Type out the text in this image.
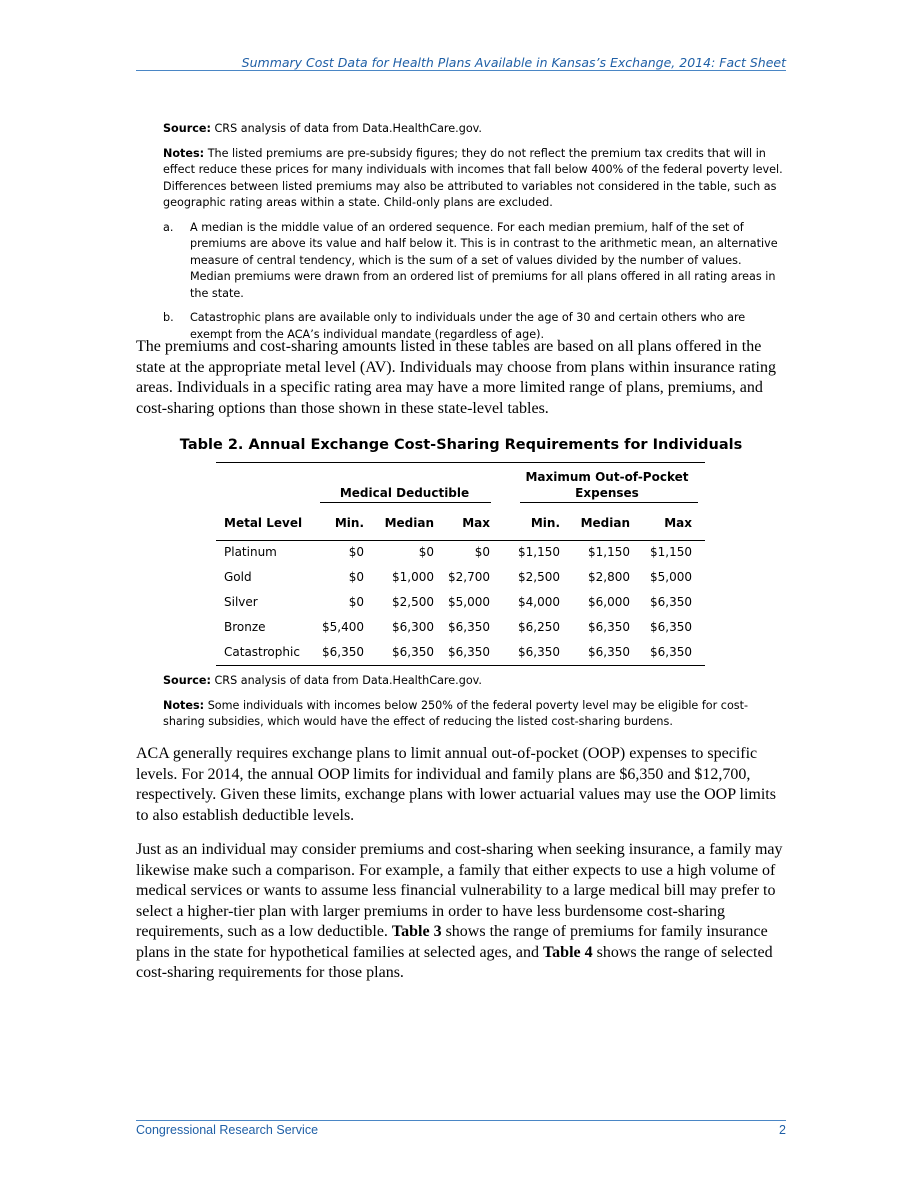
Summary Cost Data for Health Plans Available in Kansas’s Exchange, 2014: Fact Sheet

Source: CRS analysis of data from Data.HealthCare.gov.

Notes: The listed premiums are pre-subsidy figures; they do not reflect the premium tax credits that will in effect reduce these prices for many individuals with incomes that fall below 400% of the federal poverty level. Differences between listed premiums may also be attributed to variables not considered in the table, such as geographic rating areas within a state. Child-only plans are excluded.

a.	A median is the middle value of an ordered sequence. For each median premium, half of the set of premiums are above its value and half below it. This is in contrast to the arithmetic mean, an alternative measure of central tendency, which is the sum of a set of values divided by the number of values. Median premiums were drawn from an ordered list of premiums for all plans offered in all rating areas in the state.
b.	Catastrophic plans are available only to individuals under the age of 30 and certain others who are exempt from the ACA’s individual mandate (regardless of age).
The premiums and cost-sharing amounts listed in these tables are based on all plans offered in the state at the appropriate metal level (AV). Individuals may choose from plans within insurance rating areas. Individuals in a specific rating area may have a more limited range of plans, premiums, and cost-sharing options than those shown in these state-level tables.
Table 2. Annual Exchange Cost-Sharing Requirements for Individuals
Medical Deductible
Maximum Out-of-Pocket
Expenses
Metal Level	Min.	Median	Max	Min.	Median	Max
Platinum	$0	$0	$0	$1,150	$1,150	$1,150
Gold	$0	$1,000	$2,700	$2,500	$2,800	$5,000
Silver	$0	$2,500	$5,000	$4,000	$6,000	$6,350
Bronze	$5,400	$6,300	$6,350	$6,250	$6,350	$6,350
Catastrophic	$6,350	$6,350	$6,350	$6,350	$6,350	$6,350

Source: CRS analysis of data from Data.HealthCare.gov.

Notes: Some individuals with incomes below 250% of the federal poverty level may be eligible for cost-sharing subsidies, which would have the effect of reducing the listed cost-sharing burdens.

ACA generally requires exchange plans to limit annual out-of-pocket (OOP) expenses to specific levels. For 2014, the annual OOP limits for individual and family plans are $6,350 and $12,700, respectively. Given these limits, exchange plans with lower actuarial values may use the OOP limits to also establish deductible levels.
Just as an individual may consider premiums and cost-sharing when seeking insurance, a family may likewise make such a comparison. For example, a family that either expects to use a high volume of medical services or wants to assume less financial vulnerability to a large medical bill may prefer to select a higher-tier plan with larger premiums in order to have less burdensome cost-sharing requirements, such as a low deductible. Table 3 shows the range of premiums for family insurance plans in the state for hypothetical families at selected ages, and Table 4 shows the range of selected cost-sharing requirements for those plans.
Congressional Research Service	2
